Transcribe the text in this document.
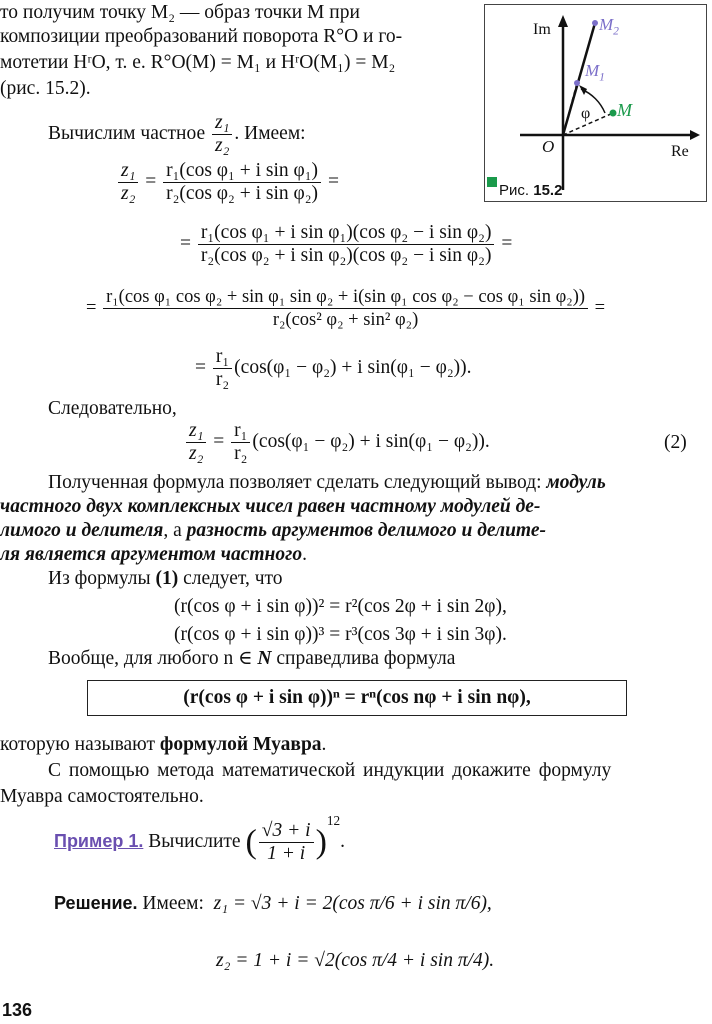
то получим точку M₂ — образ точки M при
композиции преобразований поворота R°O и го-
мотетии HʳO, т. е. R°O(M) = M₁ и HʳO(M₁) = M₂
(рис. 15.2).
Im
Re
O
$M_2$
$M_1$
M
φ
Рис. 15.2
Вычислим частное $\frac{\text{z₁}}{\text{z₂}}$ . Имеем:
$\frac{\text{z₁}}{\text{z₂}} = \frac{\text{r₁(cos φ₁ + i sin φ₁)}}{\text{r₂(cos φ₂ + i sin φ₂)}}$ =
= $\frac{\text{r₁(cos φ₁ + i sin φ₁)(cos φ₂ − i sin φ₂)}}{\text{r₂(cos φ₂ + i sin φ₂)(cos φ₂ − i sin φ₂)}}$ =
=
r₁(cos φ₁ cos φ₂ + sin φ₁ sin φ₂ + i(sin φ₁ cos φ₂ − cos φ₁ sin φ₂))
r₂(cos² φ₂ + sin² φ₂)
=
= $\frac{\text{r₁}}{\text{r₂}} (\cos(\varphi_1 - \varphi_2) + i$ sin(φ₁ − φ₂)).
Следовательно,
$\frac{\text{z₁}}{\text{z₂}} = \frac{\text{r₁}}{\text{r₂}} (\cos(\varphi_1 - \varphi_2) + i$ sin(φ₁ − φ₂)).	(2)
Полученная формула позволяет сделать следующий вывод: модуль
частного двух комплексных чисел равен частному модулей де-
лимого и делителя, а разность аргументов делимого и делите-
ля является аргументом частного.
Из формулы (1) следует, что
(r(cos φ + i sin φ))² = r²(cos 2φ + i sin 2φ),
(r(cos φ + i sin φ))³ = r³(cos 3φ + i sin 3φ).
Вообще, для любого n ∈ N справедлива формула
(r(cos φ + i sin φ))ⁿ = rⁿ(cos nφ + i sin nφ),
которую называют формулой Муавра.
С помощью метода математической индукции докажите формулу
Муавра самостоятельно.
Пример 1. Вычислите ( $\frac{√3 + i}{1 + i} )^{12}$.
Решение. Имеем: z₁ = √3 + i = 2(cos π/6 + i sin π/6),
z₂ = 1 + i = √2(cos π/4 + i sin π/4).
136
